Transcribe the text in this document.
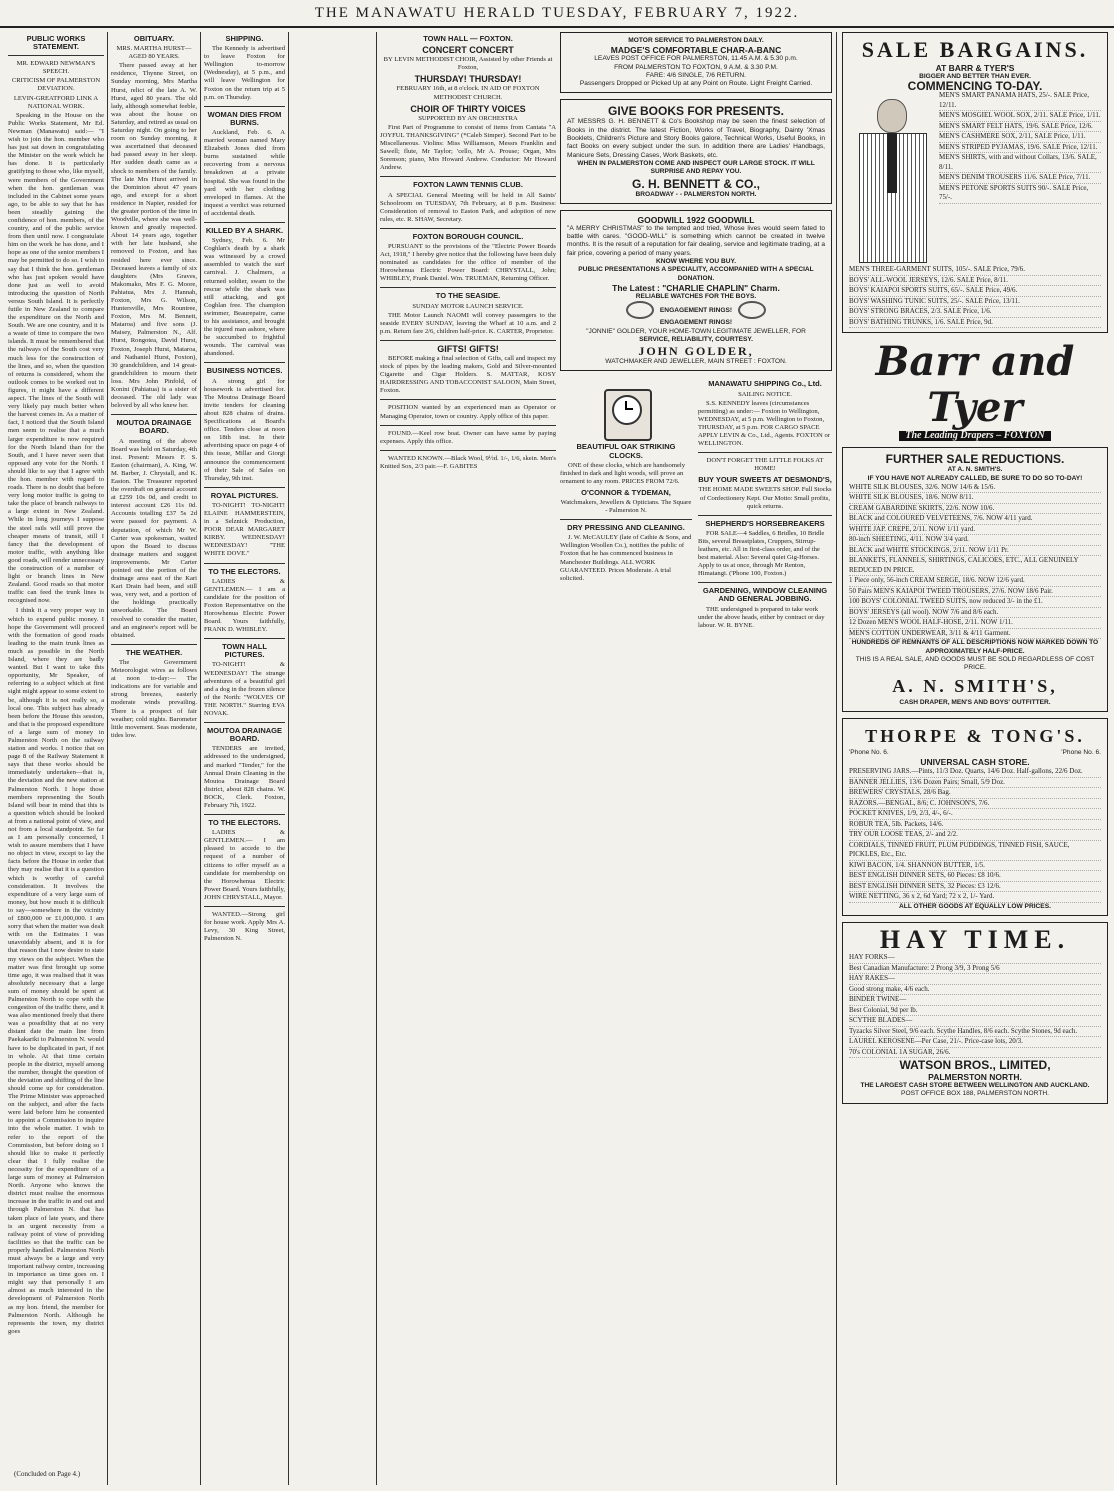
THE MANAWATU HERALD TUESDAY, FEBRUARY 7, 1922.
PUBLIC WORKS STATEMENT.
MR. EDWARD NEWMAN'S SPEECH.
CRITICISM OF PALMERSTON DEVIATION.
LEVIN-GREATFORD LINK A NATIONAL WORK.

Speaking in the House on the Public Works Statement, Mr Ed. Newman (Manawatu) said:— "I wish to join the hon. member who has just sat down in congratulating the Minister on the work which he has done. It is particularly gratifying to those who, like myself, were members of the Government when the hon. gentleman was included in the Cabinet some years ago, to be able to say that he has been steadily gaining the confidence of hon. members, of the country, and of the public service from then until now. I congratulate him on the work he has done, and I hope as one of the senior members I may be permitted to do so. I wish to say that I think the hon. gentleman who has just spoken would have done just as well to avoid introducing the question of North versus South Island. It is perfectly futile in New Zealand to compare the expenditure on the North and South. We are one country, and it is a waste of time to compare the two islands. It must be remembered that the railways of the South cost very much less for the construction of the lines, and so, when the question of returns is considered, whom the outlook comes to be worked out in figures, it might have a different aspect. The lines of the South will very likely pay much better when the harvest comes in. As a matter of fact, I noticed that the South Island men seem to realise that a much larger expenditure is now required for the North Island than for the South, and I have never seen that opposed any vote for the North. I should like to say that I agree with the hon. member with regard to roads. There is no doubt that before very long motor traffic is going to take the place of branch railways to a large extent in New Zealand. While in long journeys I suppose the steel rails will still prove the cheaper means of transit, still I fancy that the development of motor traffic, with anything like good roads, will render unnecessary the construction of a number of light or branch lines in New Zealand. Good roads so that motor traffic can feed the trunk lines is recognised now.

I think it a very proper way in which to expend public money. I hope the Government will proceed with the formation of good roads leading to the main trunk lines as much as possible in the North Island, where they are badly wanted. But I want to take this opportunity, Mr Speaker, of referring to a subject which at first sight might appear to some extent to be, although it is not really so, a local one. This subject has already been before the House this session, and that is the proposed expenditure of a large sum of money in Palmerston North on the railway station and works. I notice that on page 8 of the Railway Statement it says that these works should be immediately undertaken—that is, the deviation and the new station at Palmerston North. I hope those members representing the South Island will bear in mind that this is a question which should be looked at from a national point of view, and not from a local standpoint. So far as I am personally concerned, I wish to assure members that I have no object in view, except to lay the facts before the House in order that they may realise that it is a question which is worthy of careful consideration. It involves the expenditure of a very large sum of money, but how much it is difficult to say—somewhere in the vicinity of £800,000 or £1,000,000. I am sorry that when the matter was dealt with on the Estimates I was unavoidably absent, and it is for that reason that I now desire to state my views on the subject. When the matter was first brought up some time ago, it was realised that it was absolutely necessary that a large sum of money should be spent at Palmerston North to cope with the congestion of the traffic there, and it was also mentioned freely that there was a possibility that at no very distant date the main line from Paekakariki to Palmerston N. would have to be duplicated in part, if not in whole. At that time certain people in the district, myself among the number, thought the question of the deviation and shifting of the line should come up for consideration. The Prime Minister was approached on the subject, and after the facts were laid before him he consented to appoint a Commission to inquire into the whole matter. I wish to refer to the report of the Commission, but before doing so I should like to make it perfectly clear that I fully realise the necessity for the expenditure of a large sum of money at Palmerston North. Anyone who knows the district must realise the enormous increase in the traffic in and out and through Palmerston N. that has taken place of late years, and there is an urgent necessity from a railway point of view of providing facilities so that the traffic can be properly handled. Palmerston North must always be a large and very important railway centre, increasing in importance as time goes on. I might say that personally I am almost as much interested in the development of Palmerston North as my hon. friend, the member for Palmerston North. Although he represents the town, my district goes

(Concluded on Page 4.)
OBITUARY.
MRS. MARTHA HURST—AGED 80 YEARS.

There passed away at her residence, Thynne Street, on Sunday morning, Mrs Martha Hurst, relict of the late A. W. Hurst, aged 80 years. The old lady, although somewhat feeble, was about the house on Saturday, and retired as usual on Saturday night. On going to her room on Sunday morning, it was ascertained that deceased had passed away in her sleep. Her sudden death came as a shock to members of the family. The late Mrs Hurst arrived in the Dominion about 47 years ago, and except for a short residence in Napier, resided for the greater portion of the time in Woodville, where she was well-known and greatly respected. About 14 years ago, together with her late husband, she removed to Foxton, and has resided here ever since. Deceased leaves a family of six daughters (Mrs Graves, Makomako, Mrs F. G. Moore, Pahiatua, Mrs J. Hannah, Foxton, Mrs G. Wilson, Huntersville, Mrs Rountree, Foxton, Mrs M. Bennett, Mataroa) and five sons (J. Maisey, Palmerston N., Alf. Hurst, Rongotea, David Hurst, Foxton, Joseph Hurst, Mataroa, and Nathaniel Hurst, Foxton), 30 grandchildren, and 14 great-grandchildren to mourn their loss. Mrs John Pinfold, of Konini (Pahiatua) is a sister of deceased. The old lady was beloved by all who knew her.

MOUTOA DRAINAGE BOARD.

A meeting of the above Board was held on Saturday, 4th inst. Present: Messrs F. S. Easton (chairman), A. King, W. M. Barber, J. Chrystall, and K. Easton. The Treasurer reported the overdraft on general account at £259 10s 0d, and credit to interest account £26 11s 0d. Accounts totalling £37 5s 2d were passed for payment. A deputation, of which Mr W. Carter was spokesman, waited upon the Board to discuss drainage matters and suggest improvements. Mr Carter pointed out the portion of the drainage area east of the Kari Kari Drain had been, and still was, very wet, and a portion of the holdings practically unworkable. The Board resolved to consider the matter, and an engineer's report will be obtained.

THE WEATHER.

The Government Meteorologist wires as follows at noon to-day:— The indications are for variable and strong breezes, easterly moderate winds prevailing. There is a prospect of fair weather; cold nights. Barometer little movement. Seas moderate, tides low.

SHIPPING.

The Kennedy is advertised to leave Foxton for Wellington to-morrow (Wednesday), at 5 p.m., and will leave Wellington for Foxton on the return trip at 5 p.m. on Thursday.

WOMAN DIES FROM BURNS.

Auckland, Feb. 6. A married woman named Mary Elizabeth Jones died from burns sustained while recovering from a nervous breakdown at a private hospital. She was found in the yard with her clothing enveloped in flames. At the inquest a verdict was returned of accidental death.

KILLED BY A SHARK.

Sydney, Feb. 6. Mr Coghlan's death by a shark was witnessed by a crowd assembled to watch the surf carnival. J. Chalmers, a returned soldier, swam to the rescue while the shark was still attacking, and got Coghlan free. The champion swimmer, Beaurepaire, came to his assistance, and brought the injured man ashore, where he succumbed to frightful wounds. The carnival was abandoned.

BUSINESS NOTICES.

A strong girl for housework is advertised for. The Moutoa Drainage Board invite tenders for cleaning about 828 chains of drains. Specifications at Board's office. Tenders close at noon on 18th inst. In their advertising space on page 4 of this issue, Millar and Giorgi announce the commencement of their Sale of Sales on Thursday, 9th inst.

ROYAL PICTURES.

TO-NIGHT! TO-NIGHT! ELAINE HAMMERSTEIN, in a Selznick Production, POOR DEAR MARGARET KIRBY. WEDNESDAY! WEDNESDAY! "THE WHITE DOVE."

TO THE ELECTORS.

LADIES & GENTLEMEN.— I am a candidate for the position of Foxton Representative on the Horowhenua Electric Power Board. Yours faithfully, FRANK D. WHIBLEY.

TOWN HALL PICTURES.

TO-NIGHT! & WEDNESDAY! The strange adventures of a beautiful girl and a dog in the frozen silence of the North: "WOLVES OF THE NORTH." Starring EVA NOVAK.

MOUTOA DRAINAGE BOARD.

TENDERS are invited, addressed to the undersigned, and marked "Tender," for the Annual Drain Cleaning in the Moutoa Drainage Board district, about 828 chains. W. BOCK, Clerk. Foxton, February 7th, 1922.

TO THE ELECTORS.

LADIES & GENTLEMEN.— I am pleased to accede to the request of a number of citizens to offer myself as a candidate for membership on the Horowhenua Electric Power Board. Yours faithfully, JOHN CHRYSTALL, Mayor.

WANTED.—Strong girl for house work. Apply Mrs A. Levy, 30 King Street, Palmerston N.

TOWN HALL — FOXTON.
CONCERT CONCERT
BY LEVIN METHODIST CHOIR, Assisted by other Friends at Foxton,
THURSDAY! THURSDAY!
FEBRUARY 16th, at 8 o'clock. IN AID OF FOXTON METHODIST CHURCH.
CHOIR OF THIRTY VOICES
SUPPORTED BY AN ORCHESTRA

First Part of Programme to consist of items from Cantata "A JOYFUL THANKSGIVING" (*Caleb Simper). Second Part to be Miscellaneous. Violins: Miss Williamson, Messrs Franklin and Sawell; flute, Mr Taylor; 'cello, Mr A. Prouse; Organ, Mrs Sorenson; piano, Mrs Howard Andrew. Conductor: Mr Howard Andrew.

FOXTON LAWN TENNIS CLUB.

A SPECIAL General Meeting will be held in All Saints' Schoolroom on TUESDAY, 7th February, at 8 p.m. Business: Consideration of removal to Easton Park, and adoption of new rules, etc. R. SHAW, Secretary.

FOXTON BOROUGH COUNCIL.

PURSUANT to the provisions of the "Electric Power Boards Act, 1918," I hereby give notice that the following have been duly nominated as candidates for the office of member of the Horowhenua Electric Power Board: CHRYSTALL, John; WHIBLEY, Frank Daniel. Wm. TRUEMAN, Returning Officer.

TO THE SEASIDE.
SUNDAY MOTOR LAUNCH SERVICE.

THE Motor Launch NAOMI will convey passengers to the seaside EVERY SUNDAY, leaving the Wharf at 10 a.m. and 2 p.m. Return fare 2/6, children half-price. K. CARTER, Proprietor.

GIFTS! GIFTS!

BEFORE making a final selection of Gifts, call and inspect my stock of pipes by the leading makers, Gold and Silver-mounted Cigarette and Cigar Holders. S. MATTAR, KOSY HAIRDRESSING AND TOBACCONIST SALOON, Main Street, Foxton.

POSITION wanted by an experienced man as Operator or Managing Operator, town or country. Apply office of this paper.

FOUND.—Keel row boat. Owner can have same by paying expenses. Apply this office.

WANTED KNOWN.—Black Wool, 9½d. 1/-, 1/6, skein. Men's Knitted Sox, 2/3 pair.—F. GABITES

MOTOR SERVICE TO PALMERSTON DAILY.
MADGE'S COMFORTABLE CHAR-A-BANC
LEAVES POST OFFICE FOR PALMERSTON, 11.45 A.M. & 5.30 p.m.
FROM PALMERSTON TO FOXTON, 9 A.M. & 3.30 P.M.
FARE: 4/6 SINGLE, 7/6 RETURN.
Passengers Dropped or Picked Up at any Point on Route. Light Freight Carried.
GIVE BOOKS FOR PRESENTS.
AT MESSRS G. H. BENNETT & Co's Bookshop may be seen the finest selection of Books in the district. The latest Fiction, Works of Travel, Biography, Dainty 'Xmas Booklets, Children's Picture and Story Books galore, Technical Works, Useful Books, in fact Books on every subject under the sun. In addition there are Ladies' Handbags, Manicure Sets, Dressing Cases, Work Baskets, etc.
WHEN IN PALMERSTON COME AND INSPECT OUR LARGE STOCK. IT WILL SURPRISE AND REPAY YOU.
G. H. BENNETT & CO.,
BROADWAY - - PALMERSTON NORTH.
GOODWILL 1922 GOODWILL
"A MERRY CHRISTMAS" to the tempted and tried, Whose lives would seem fated to battle with cares. "GOOD-WILL" is something which cannot be created in twelve months. It is the result of a reputation for fair dealing, service and legitimate trading, at a fair price, covering a period of many years.
KNOW WHERE YOU BUY.
PUBLIC PRESENTATIONS A SPECIALITY, ACCOMPANIED WITH A SPECIAL DONATION.
The Latest : "CHARLIE CHAPLIN" Charm.
RELIABLE WATCHES FOR THE BOYS.
ENGAGEMENT RINGS!
ENGAGEMENT RINGS!
"JONNIE" GOLDER, YOUR HOME-TOWN LEGITIMATE JEWELLER, FOR
SERVICE, RELIABILITY, COURTESY.
JOHN GOLDER,
WATCHMAKER AND JEWELLER, MAIN STREET : FOXTON.
BEAUTIFUL OAK STRIKING CLOCKS.

ONE of these clocks, which are handsomely finished in dark and light woods, will prove an ornament to any room. PRICES FROM 72/6.

O'CONNOR & TYDEMAN,
Watchmakers, Jewellers & Opticians. The Square - Palmerston N.
DRY PRESSING AND CLEANING.

J. W. McCAULEY (late of Cathie & Sons, and Wellington Woollen Co.), notifies the public of Foxton that he has commenced business in Manchester Buildings. ALL WORK GUARANTEED. Prices Moderate. A trial solicited.

MANAWATU SHIPPING Co., Ltd.
SAILING NOTICE.

S.S. KENNEDY leaves (circumstances permitting) as under:— Foxton to Wellington, WEDNESDAY, at 5 p.m. Wellington to Foxton, THURSDAY, at 5 p.m. FOR CARGO SPACE APPLY LEVIN & Co., Ltd., Agents. FOXTON or WELLINGTON.

DON'T FORGET THE LITTLE FOLKS AT HOME!
BUY YOUR SWEETS AT DESMOND'S,
THE HOME MADE SWEETS SHOP. Full Stocks of Confectionery Kept. Our Motto: Small profits, quick returns.
SHEPHERD'S HORSEBREAKERS

FOR SALE—4 Saddles, 6 Bridles, 10 Bridle Bits, several Breastplates, Cruppers, Stirrup-leathers, etc. All in first-class order, and of the best material. Also: Several quiet Gig-Horses. Apply to us at once, through Mr Renton, Himatangi. ('Phone 100, Foxton.)

GARDENING, WINDOW CLEANING AND GENERAL JOBBING.

THE undersigned is prepared to take work under the above heads, either by contract or day labour. W. R. BYNE.

SALE BARGAINS.
AT BARR & TYER'S
BIGGER AND BETTER THAN EVER.
COMMENCING TO-DAY.
MEN'S SMART PANAMA HATS, 25/-. SALE Price, 12/11.
MEN'S MOSGIEL WOOL SOX, 2/11. SALE Price, 1/11.
MEN'S SMART FELT HATS, 19/6. SALE Price, 12/6.
MEN'S CASHMERE SOX, 2/11, SALE Price, 1/11.
MEN'S STRIPED PYJAMAS, 19/6. SALE Price, 12/11.
MEN'S SHIRTS, with and without Collars, 13/6. SALE, 8/11.
MEN'S DENIM TROUSERS 11/6. SALE Price, 7/11.
MEN'S PETONE SPORTS SUITS 90/-. SALE Price, 75/-.
MEN'S THREE-GARMENT SUITS, 105/-. SALE Price, 79/6.
BOYS' ALL-WOOL JERSEYS, 12/6. SALE Price, 8/11.
BOYS' KAIAPOI SPORTS SUITS, 65/-. SALE Price, 49/6.
BOYS' WASHING TUNIC SUITS, 25/-. SALE Price, 13/11.
BOYS' STRONG BRACES, 2/3. SALE Price, 1/6.
BOYS' BATHING TRUNKS, 1/6. SALE Price, 9d.
Barr and Tyer
The Leading Drapers – FOXTON
FURTHER SALE REDUCTIONS.
AT A. N. SMITH'S.
IF YOU HAVE NOT ALREADY CALLED, BE SURE TO DO SO TO-DAY!
WHITE SILK BLOUSES, 32/6. NOW 14/6 & 15/6.
WHITE SILK BLOUSES, 18/6. NOW 8/11.
CREAM GABARDINE SKIRTS, 22/6. NOW 10/6.
BLACK and COLOURED VELVETEENS, 7/6. NOW 4/11 yard.
WHITE JAP. CREPE, 2/11. NOW 1/11 yard.
80-inch SHEETING, 4/11. NOW 3/4 yard.
BLACK and WHITE STOCKINGS, 2/11. NOW 1/11 Pr.
BLANKETS, FLANNELS, SHIRTINGS, CALICOES, ETC., ALL GENUINELY REDUCED IN PRICE.
1 Piece only, 56-inch CREAM SERGE, 18/6. NOW 12/6 yard.
50 Pairs MEN'S KAIAPOI TWEED TROUSERS, 27/6. NOW 18/6 Pair.
100 BOYS' COLONIAL TWEED SUITS, now reduced 3/- in the £1.
BOYS' JERSEYS (all wool). NOW 7/6 and 8/6 each.
12 Dozen MEN'S WOOL HALF-HOSE, 2/11. NOW 1/11.
MEN'S COTTON UNDERWEAR, 3/11 & 4/11 Garment.
HUNDREDS OF REMNANTS OF ALL DESCRIPTIONS NOW MARKED DOWN TO APPROXIMATELY HALF-PRICE.
THIS IS A REAL SALE, AND GOODS MUST BE SOLD REGARDLESS OF COST PRICE.
A. N. SMITH'S,
CASH DRAPER, MEN'S AND BOYS' OUTFITTER.
THORPE & TONG'S.
'Phone No. 6.	'Phone No. 6.
UNIVERSAL CASH STORE.
PRESERVING JARS.—Pints, 11/3 Doz. Quarts, 14/6 Doz. Half-gallons, 22/6 Doz.
BANNER JELLIES, 13/6 Dozen Pairs; Small, 5/9 Doz.
BREWERS' CRYSTALS, 28/6 Bag.
RAZORS.—BENGAL, 8/6; C. JOHNSON'S, 7/6.
POCKET KNIVES, 1/9, 2/3, 4/-, 6/-.
ROBUR TEA, 5lb. Packets, 14/6.
TRY OUR LOOSE TEAS, 2/- and 2/2.
CORDIALS, TINNED FRUIT, PLUM PUDDINGS, TINNED FISH, SAUCE, PICKLES, Etc., Etc.
KIWI BACON, 1/4. SHANNON BUTTER, 1/5.
BEST ENGLISH DINNER SETS, 60 Pieces: £8 10/6.
BEST ENGLISH DINNER SETS, 32 Pieces: £3 12/6.
WIRE NETTING, 36 x 2, 6d Yard; 72 x 2, 1/- Yard.
ALL OTHER GOODS AT EQUALLY LOW PRICES.
HAY TIME.
HAY FORKS—
Best Canadian Manufacture: 2 Prong 3/9, 3 Prong 5/6
HAY RAKES—
Good strong make, 4/6 each.
BINDER TWINE—
Best Colonial, 9d per lb.
SCYTHE BLADES—
Tyzacks Silver Steel, 9/6 each. Scythe Handles, 8/6 each. Scythe Stones, 9d each.
LAUREL KEROSENE—Per Case, 21/-. Price-case lots, 20/3.
70's COLONIAL 1A SUGAR, 26/6.
WATSON BROS., LIMITED,
PALMERSTON NORTH.
THE LARGEST CASH STORE BETWEEN WELLINGTON AND AUCKLAND.
POST OFFICE BOX 188, PALMERSTON NORTH.
